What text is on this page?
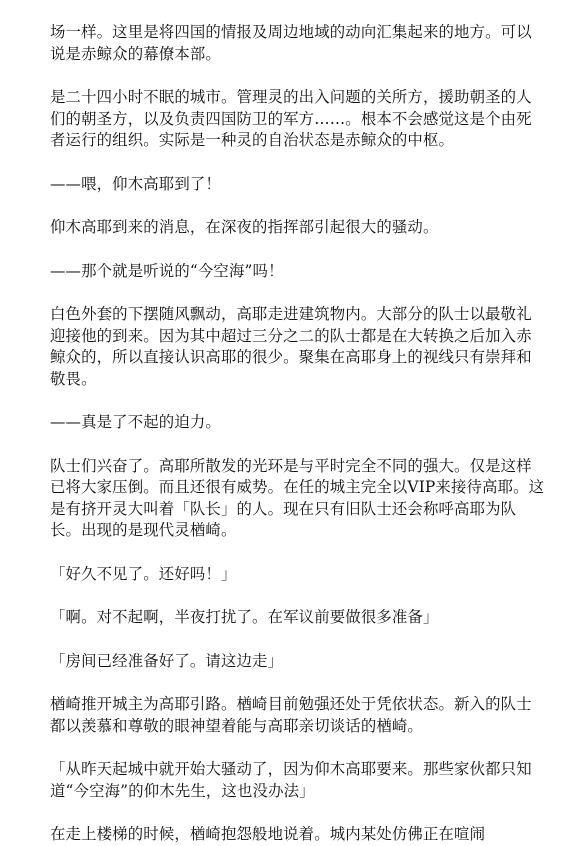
场一样。这里是将四国的情报及周边地域的动向汇集起来的地方。可以说是赤鲸众的幕僚本部。

是二十四小时不眠的城市。管理灵的出入问题的关所方，援助朝圣的人们的朝圣方，以及负责四国防卫的军方……。根本不会感觉这是个由死者运行的组织。实际是一种灵的自治状态是赤鲸众的中枢。

——喂，仰木高耶到了！

仰木高耶到来的消息，在深夜的指挥部引起很大的骚动。

——那个就是听说的“今空海”吗！

白色外套的下摆随风飘动，高耶走进建筑物内。大部分的队士以最敬礼迎接他的到来。因为其中超过三分之二的队士都是在大转换之后加入赤鲸众的，所以直接认识高耶的很少。聚集在高耶身上的视线只有崇拜和敬畏。

——真是了不起的迫力。

队士们兴奋了。高耶所散发的光环是与平时完全不同的强大。仅是这样已将大家压倒。而且还很有威势。在任的城主完全以VIP来接待高耶。这是有挤开灵大叫着「队长」的人。现在只有旧队士还会称呼高耶为队长。出现的是现代灵楢崎。

「好久不见了。还好吗！」

「啊。对不起啊，半夜打扰了。在军议前要做很多准备」

「房间已经准备好了。请这边走」

楢崎推开城主为高耶引路。楢崎目前勉强还处于凭依状态。新入的队士都以羡慕和尊敬的眼神望着能与高耶亲切谈话的楢崎。

「从昨天起城中就开始大骚动了，因为仰木高耶要来。那些家伙都只知道“今空海”的仰木先生，这也没办法」

在走上楼梯的时候，楢崎抱怨般地说着。城内某处仿佛正在喧闹
